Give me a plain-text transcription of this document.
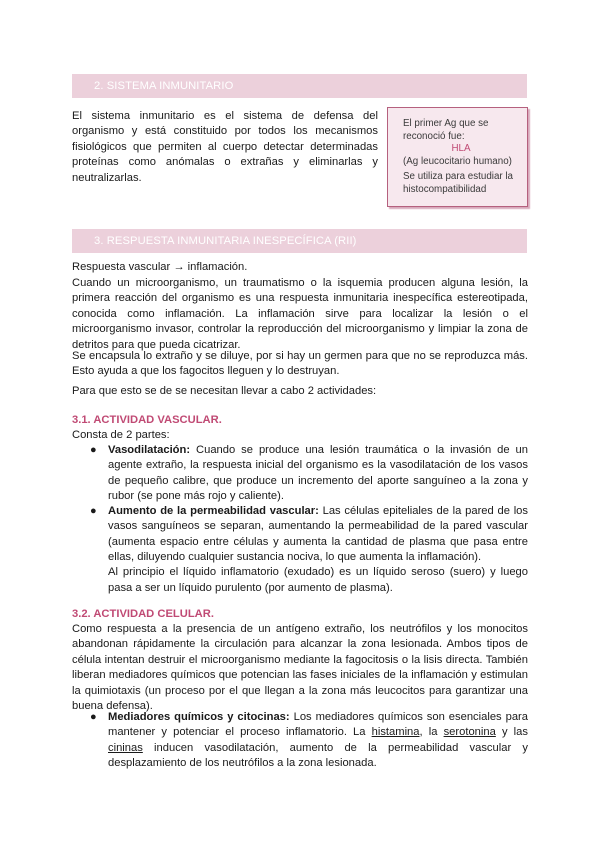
2. SISTEMA INMUNITARIO

El sistema inmunitario es el sistema de defensa del organismo y está constituido por todos los mecanismos fisiológicos que permiten al cuerpo detectar determinadas proteínas como anómalas o extrañas y eliminarlas y neutralizarlas.

El primer Ag que se reconoció fue:

HLA

(Ag leucocitario humano)

Se utiliza para estudiar la histocompatibilidad

3. RESPUESTA INMUNITARIA INESPECÍFICA (RII)

Respuesta vascular → inflamación.

Cuando un microorganismo, un traumatismo o la isquemia producen alguna lesión, la primera reacción del organismo es una respuesta inmunitaria inespecífica estereotipada, conocida como inflamación. La inflamación sirve para localizar la lesión o el microorganismo invasor, controlar la reproducción del microorganismo y limpiar la zona de detritos para que pueda cicatrizar.

Se encapsula lo extraño y se diluye, por si hay un germen para que no se reproduzca más. Esto ayuda a que los fagocitos lleguen y lo destruyan.

Para que esto se de se necesitan llevar a cabo 2 actividades:

3.1. ACTIVIDAD VASCULAR.

Consta de 2 partes:

● Vasodilatación: Cuando se produce una lesión traumática o la invasión de un agente extraño, la respuesta inicial del organismo es la vasodilatación de los vasos de pequeño calibre, que produce un incremento del aporte sanguíneo a la zona y rubor (se pone más rojo y caliente).
● Aumento de la permeabilidad vascular: Las células epiteliales de la pared de los vasos sanguíneos se separan, aumentando la permeabilidad de la pared vascular (aumenta espacio entre células y aumenta la cantidad de plasma que pasa entre ellas, diluyendo cualquier sustancia nociva, lo que aumenta la inflamación).
Al principio el líquido inflamatorio (exudado) es un líquido seroso (suero) y luego pasa a ser un líquido purulento (por aumento de plasma).

3.2. ACTIVIDAD CELULAR.

Como respuesta a la presencia de un antígeno extraño, los neutrófilos y los monocitos abandonan rápidamente la circulación para alcanzar la zona lesionada. Ambos tipos de célula intentan destruir el microorganismo mediante la fagocitosis o la lisis directa. También liberan mediadores químicos que potencian las fases iniciales de la inflamación y estimulan la quimiotaxis (un proceso por el que llegan a la zona más leucocitos para garantizar una buena defensa).

● Mediadores químicos y citocinas: Los mediadores químicos son esenciales para mantener y potenciar el proceso inflamatorio. La histamina, la serotonina y las cininas inducen vasodilatación, aumento de la permeabilidad vascular y desplazamiento de los neutrófilos a la zona lesionada.
